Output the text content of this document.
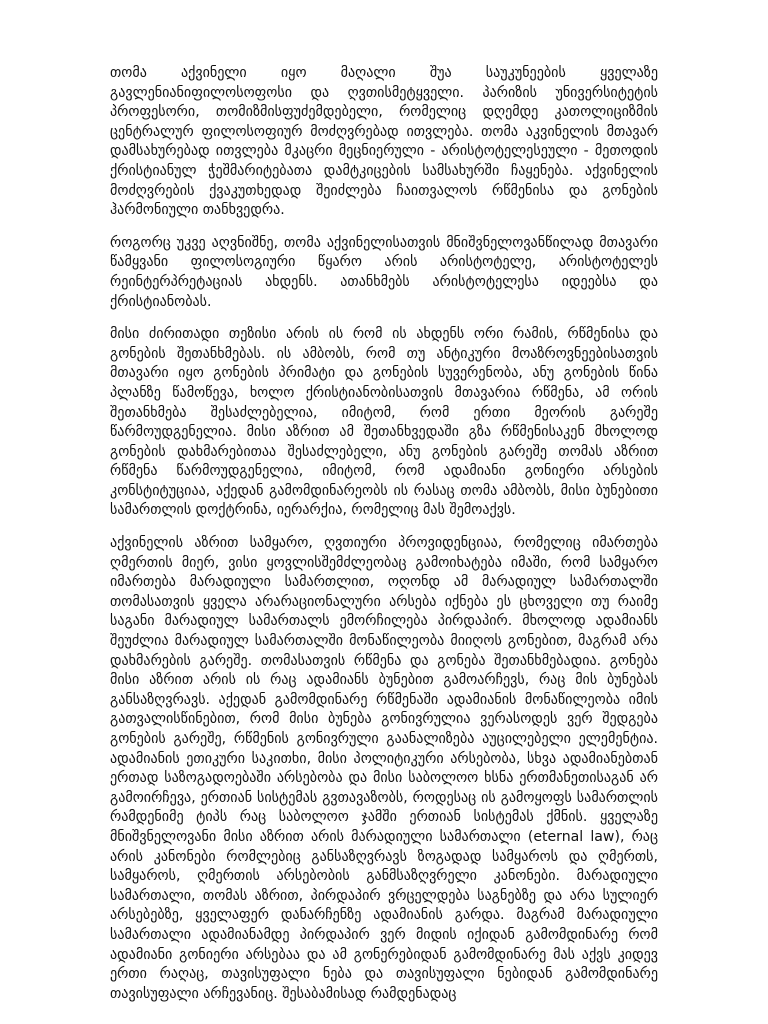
თომა აქვინელი იყო მაღალი შუა საუკუნეების ყველაზე გავლენიანიფილოსოფოსი და ღვთისმეტყველი. პარიზის უნივერსიტეტის პროფესორი, თომიზმისფუძემდებელი, რომელიც დღემდე კათოლიციზმის ცენტრალურ ფილოსოფიურ მოძღვრებად ითვლება. თომა აკვინელის მთავარ დამსახურებად ითვლება მკაცრი მეცნიერული - არისტოტელესეული - მეთოდის ქრისტიანულ ჭეშმარიტებათა დამტკიცების სამსახურში ჩაყენება. აქვინელის მოძღვრების ქვაკუთხედად შეიძლება ჩაითვალოს რწმენისა და გონების ჰარმონიული თანხვედრა.

როგორც უკვე აღვნიშნე, თომა აქვინელისათვის მნიშვნელოვანწილად მთავარი წამყვანი ფილოსოგიური წყარო არის არისტოტელე, არისტოტელეს რეინტერპრეტაციას ახდენს. ათანხმებს არისტოტელესა იდეებსა და ქრისტიანობას.

მისი ძირითადი თეზისი არის ის რომ ის ახდენს ორი რამის, რწმენისა და გონების შეთანხმებას. ის ამბობს, რომ თუ ანტიკური მოაზროვნეებისათვის მთავარი იყო გონების პრიმატი და გონების სუვერენობა, ანუ გონების წინა პლანზე წამოწევა, ხოლო ქრისტიანობისათვის მთავარია რწმენა, ამ ორის შეთანხმება შესაძლებელია, იმიტომ, რომ ერთი მეორის გარეშე წარმოუდგენელია. მისი აზრით ამ შეთანხვედაში გზა რწმენისაკენ მხოლოდ გონების დახმარებითაა შესაძლებელი, ანუ გონების გარეშე თომას აზრით რწმენა წარმოუდგენელია, იმიტომ, რომ ადამიანი გონიერი არსების კონსტიტუციაა, აქედან გამომდინარეობს ის რასაც თომა ამბობს, მისი ბუნებითი სამართლის დოქტრინა, იერარქია, რომელიც მას შემოაქვს.

აქვინელის აზრით სამყარო, ღვთიური პროვიდენციაა, რომელიც იმართება ღმერთის მიერ, ვისი ყოვლისშემძლეობაც გამოიხატება იმაში, რომ სამყარო იმართება მარადიული სამართლით, ოღონდ ამ მარადიულ სამართალში თომასათვის ყველა არარაციონალური არსება იქნება ეს ცხოველი თუ რაიმე საგანი მარადიულ სამართალს ემორჩილება პირდაპირ. მხოლოდ ადამიანს შეუძლია მარადიულ სამართალში მონაწილეობა მიიღოს გონებით, მაგრამ არა დახმარების გარეშე. თომასათვის რწმენა და გონება შეთანხმებადია. გონება მისი აზრით არის ის რაც ადამიანს ბუნებით გამოარჩევს, რაც მის ბუნებას განსაზღვრავს. აქედან გამომდინარე რწმენაში ადამიანის მონაწილეობა იმის გათვალისწინებით, რომ მისი ბუნება გონივრულია ვერასოდეს ვერ შედგება გონების გარეშე, რწმენის გონივრული გაანალიზება აუცილებელი ელემენტია. ადამიანის ეთიკური საკითხი, მისი პოლიტიკური არსებობა, სხვა ადამიანებთან ერთად საზოგადოებაში არსებობა და მისი საბოლოო ხსნა ერთმანეთისაგან არ გამოირჩევა, ერთიან სისტემას გვთავაზობს, როდესაც ის გამოყოფს სამართლის რამდენიმე ტიპს რაც საბოლოო ჯამში ერთიან სისტემას ქმნის. ყველაზე მნიშვნელოვანი მისი აზრით არის მარადიული სამართალი (eternal law), რაც არის კანონები რომლებიც განსაზღვრავს ზოგადად სამყაროს და ღმერთს, სამყაროს, ღმერთის არსებობის განმსაზღვრელი კანონები. მარადიული სამართალი, თომას აზრით, პირდაპირ ვრცელდება საგნებზე და არა სულიერ არსებებზე, ყველაფერ დანარჩენზე ადამიანის გარდა. მაგრამ მარადიული სამართალი ადამიანამდე პირდაპირ ვერ მიდის იქიდან გამომდინარე რომ ადამიანი გონიერი არსებაა და ამ გონერებიდან გამომდინარე მას აქვს კიდევ ერთი რაღაც, თავისუფალი ნება და თავისუფალი ნებიდან გამომდინარე თავისუფალი არჩევანიც. შესაბამისად რამდენადაც
